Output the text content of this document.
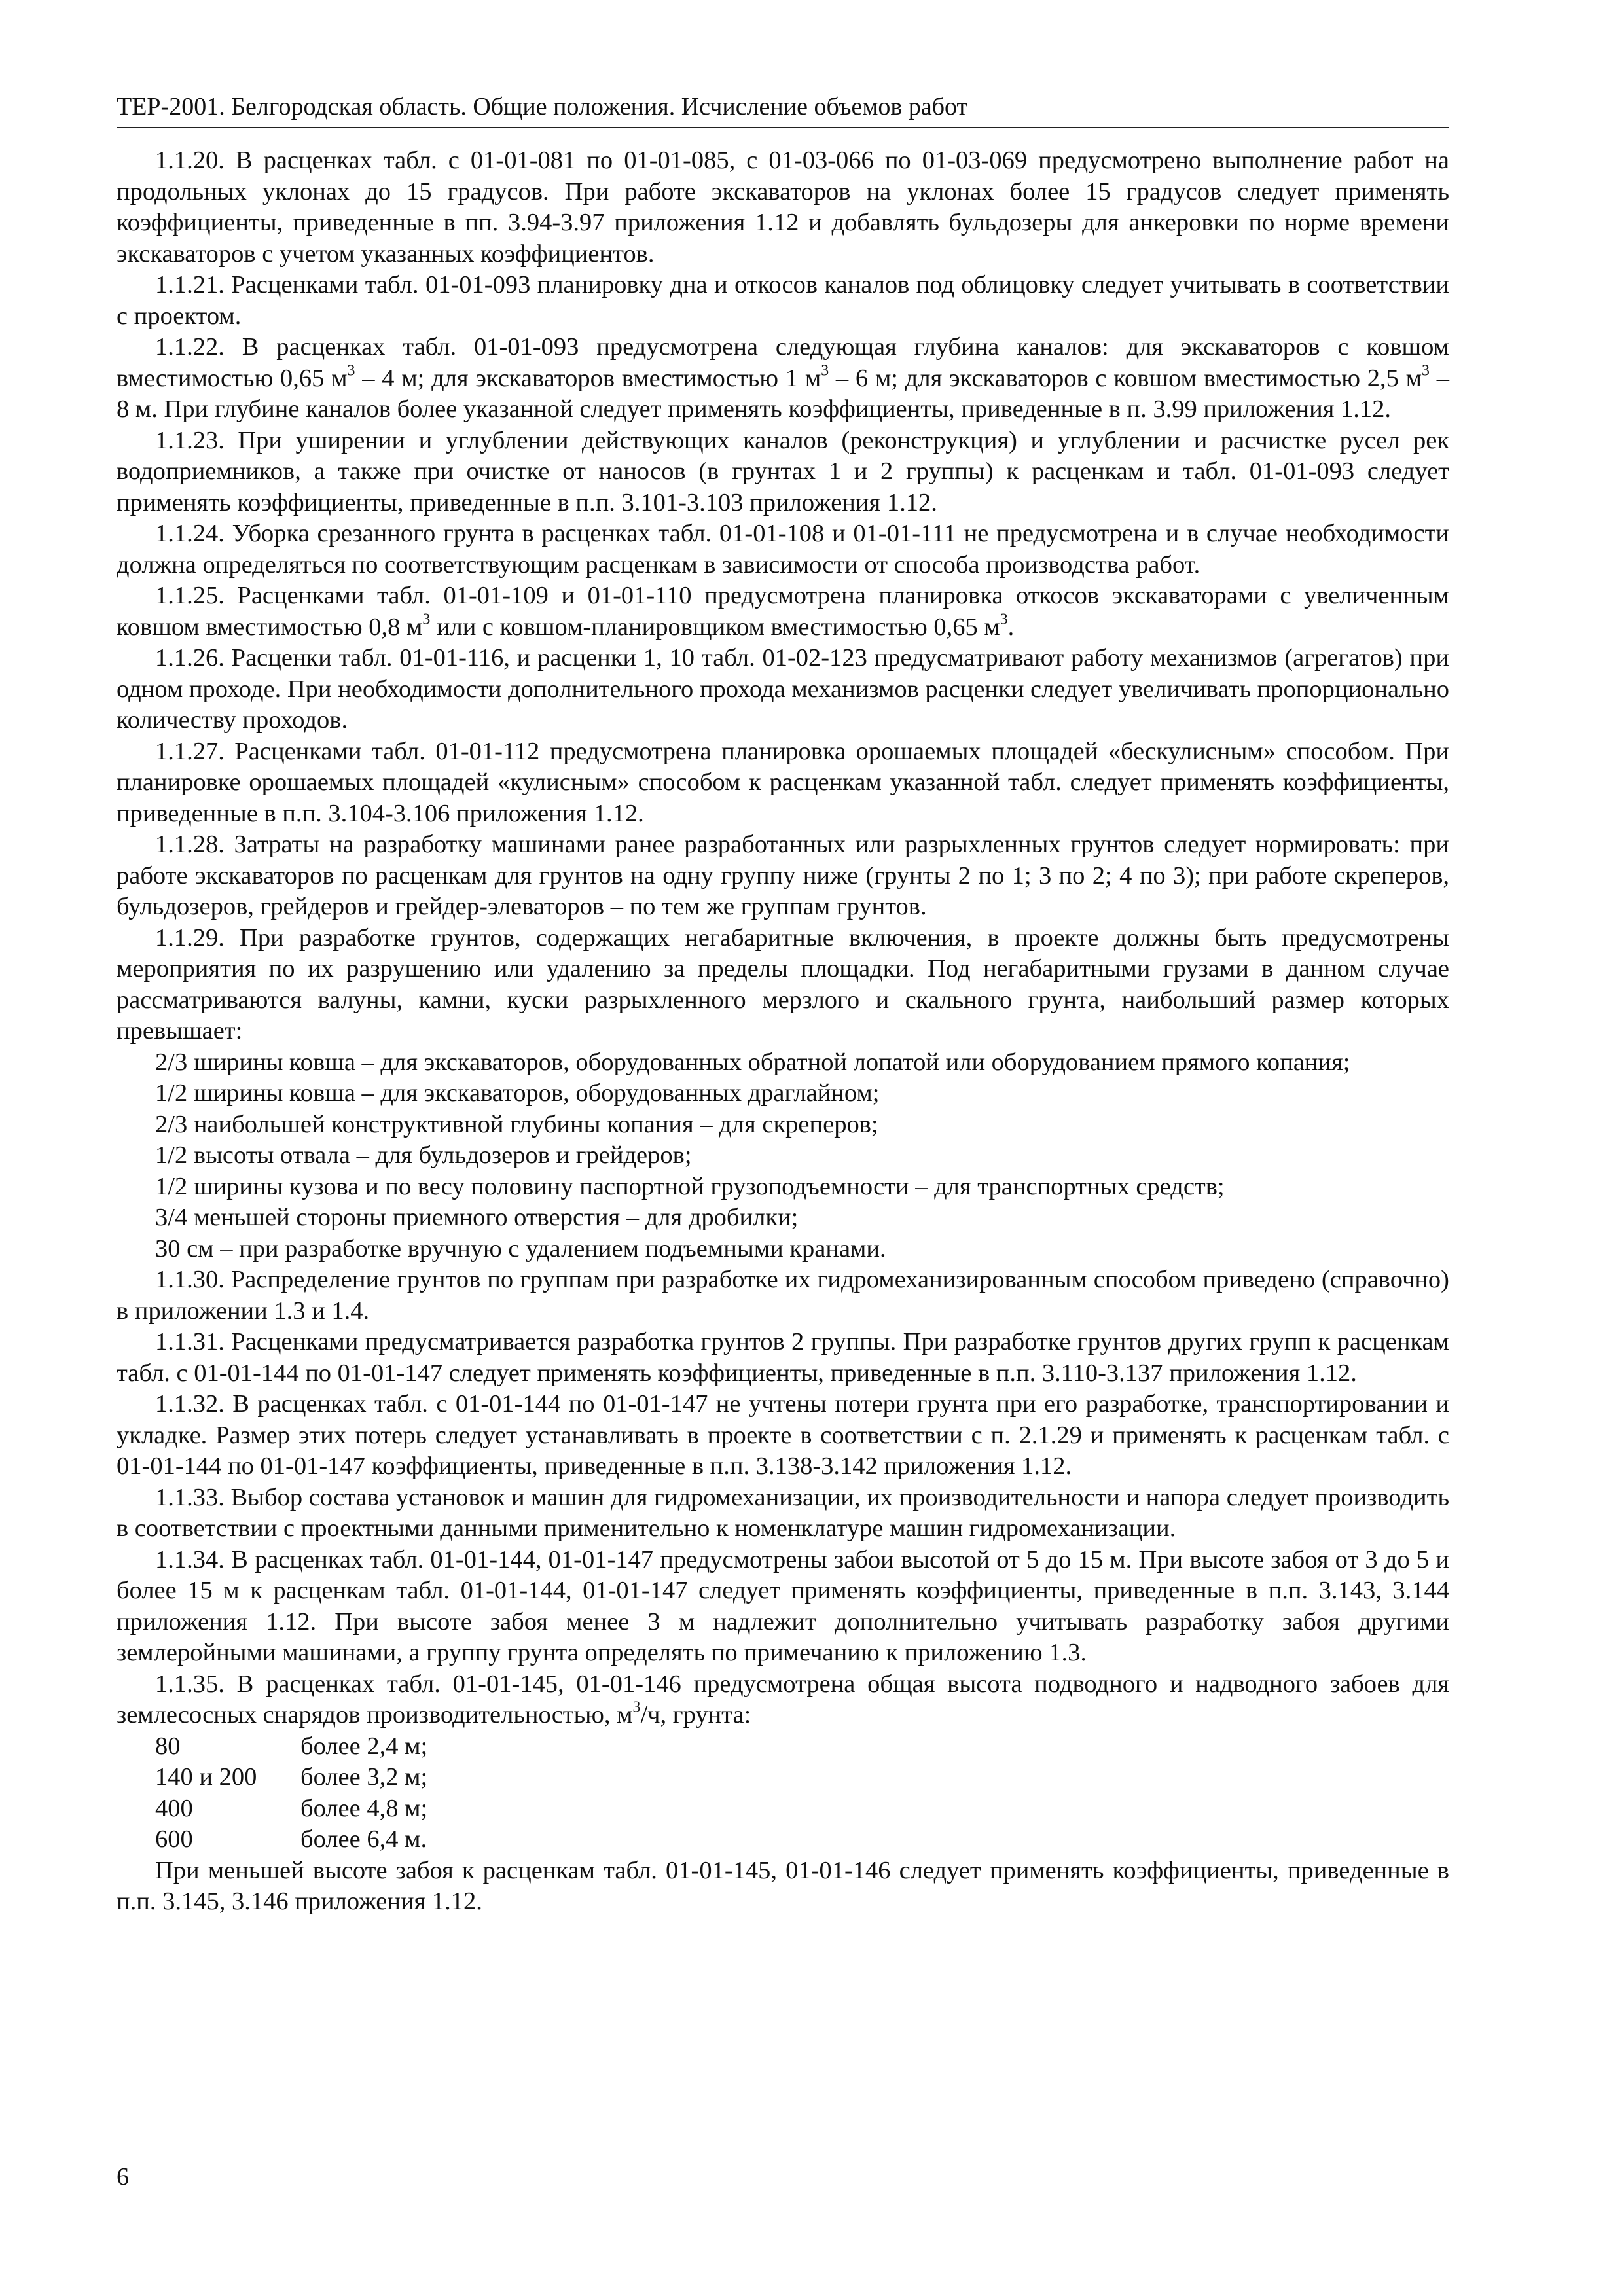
ТЕР-2001. Белгородская область. Общие положения. Исчисление объемов работ

1.1.20. В расценках табл. с 01-01-081 по 01-01-085, с 01-03-066 по 01-03-069 предусмотрено выполнение работ на продольных уклонах до 15 градусов. При работе экскаваторов на уклонах более 15 градусов следует применять коэффициенты, приведенные в пп. 3.94-3.97 приложения 1.12 и добавлять бульдозеры для анкеровки по норме времени экскаваторов с учетом указанных коэффициентов.

1.1.21. Расценками табл. 01-01-093 планировку дна и откосов каналов под облицовку следует учитывать в соответствии с проектом.

1.1.22. В расценках табл. 01-01-093 предусмотрена следующая глубина каналов: для экскаваторов с ковшом вместимостью 0,65 $м^3 - 4$ м; для экскаваторов вместимостью 1 $м^3 - 6$ м; для экскаваторов с ковшом вместимостью 2,5 $м^3 - 8$ м. При глубине каналов более указанной следует применять коэффициенты, приведенные в п. 3.99 приложения 1.12.

1.1.23. При уширении и углублении действующих каналов (реконструкция) и углублении и расчистке русел рек водоприемников, а также при очистке от наносов (в грунтах 1 и 2 группы) к расценкам и табл. 01-01-093 следует применять коэффициенты, приведенные в п.п. 3.101-3.103 приложения 1.12.

1.1.24. Уборка срезанного грунта в расценках табл. 01-01-108 и 01-01-111 не предусмотрена и в случае необходимости должна определяться по соответствующим расценкам в зависимости от способа производства работ.

1.1.25. Расценками табл. 01-01-109 и 01-01-110 предусмотрена планировка откосов экскаваторами с увеличенным ковшом вместимостью 0,8 $м^3$ или с ковшом-планировщиком вместимостью 0,65 $м^3$.

1.1.26. Расценки табл. 01-01-116, и расценки 1, 10 табл. 01-02-123 предусматривают работу механизмов (агрегатов) при одном проходе. При необходимости дополнительного прохода механизмов расценки следует увеличивать пропорционально количеству проходов.

1.1.27. Расценками табл. 01-01-112 предусмотрена планировка орошаемых площадей «бескулисным» способом. При планировке орошаемых площадей «кулисным» способом к расценкам указанной табл. следует применять коэффициенты, приведенные в п.п. 3.104-3.106 приложения 1.12.

1.1.28. Затраты на разработку машинами ранее разработанных или разрыхленных грунтов следует нормировать: при работе экскаваторов по расценкам для грунтов на одну группу ниже (грунты 2 по 1; 3 по 2; 4 по 3); при работе скреперов, бульдозеров, грейдеров и грейдер-элеваторов – по тем же группам грунтов.

1.1.29. При разработке грунтов, содержащих негабаритные включения, в проекте должны быть предусмотрены мероприятия по их разрушению или удалению за пределы площадки. Под негабаритными грузами в данном случае рассматриваются валуны, камни, куски разрыхленного мерзлого и скального грунта, наибольший размер которых превышает:

2/3 ширины ковша – для экскаваторов, оборудованных обратной лопатой или оборудованием прямого копания;

1/2 ширины ковша – для экскаваторов, оборудованных драглайном;

2/3 наибольшей конструктивной глубины копания – для скреперов;

1/2 высоты отвала – для бульдозеров и грейдеров;

1/2 ширины кузова и по весу половину паспортной грузоподъемности – для транспортных средств;

3/4 меньшей стороны приемного отверстия – для дробилки;

30 см – при разработке вручную с удалением подъемными кранами.

1.1.30. Распределение грунтов по группам при разработке их гидромеханизированным способом приведено (справочно) в приложении 1.3 и 1.4.

1.1.31. Расценками предусматривается разработка грунтов 2 группы. При разработке грунтов других групп к расценкам табл. с 01-01-144 по 01-01-147 следует применять коэффициенты, приведенные в п.п. 3.110-3.137 приложения 1.12.

1.1.32. В расценках табл. с 01-01-144 по 01-01-147 не учтены потери грунта при его разработке, транспортировании и укладке. Размер этих потерь следует устанавливать в проекте в соответствии с п. 2.1.29 и применять к расценкам табл. с 01-01-144 по 01-01-147 коэффициенты, приведенные в п.п. 3.138-3.142 приложения 1.12.

1.1.33. Выбор состава установок и машин для гидромеханизации, их производительности и напора следует производить в соответствии с проектными данными применительно к номенклатуре машин гидромеханизации.

1.1.34. В расценках табл. 01-01-144, 01-01-147 предусмотрены забои высотой от 5 до 15 м. При высоте забоя от 3 до 5 и более 15 м к расценкам табл. 01-01-144, 01-01-147 следует применять коэффициенты, приведенные в п.п. 3.143, 3.144 приложения 1.12. При высоте забоя менее 3 м надлежит дополнительно учитывать разработку забоя другими землеройными машинами, а группу грунта определять по примечанию к приложению 1.3.

1.1.35. В расценках табл. 01-01-145, 01-01-146 предусмотрена общая высота подводного и надводного забоев для землесосных снарядов производительностью, $м^3/ч$, грунта:

80	более 2,4 м;
140 и 200	более 3,2 м;
400	более 4,8 м;
600	более 6,4 м.

При меньшей высоте забоя к расценкам табл. 01-01-145, 01-01-146 следует применять коэффициенты, приведенные в п.п. 3.145, 3.146 приложения 1.12.

6
